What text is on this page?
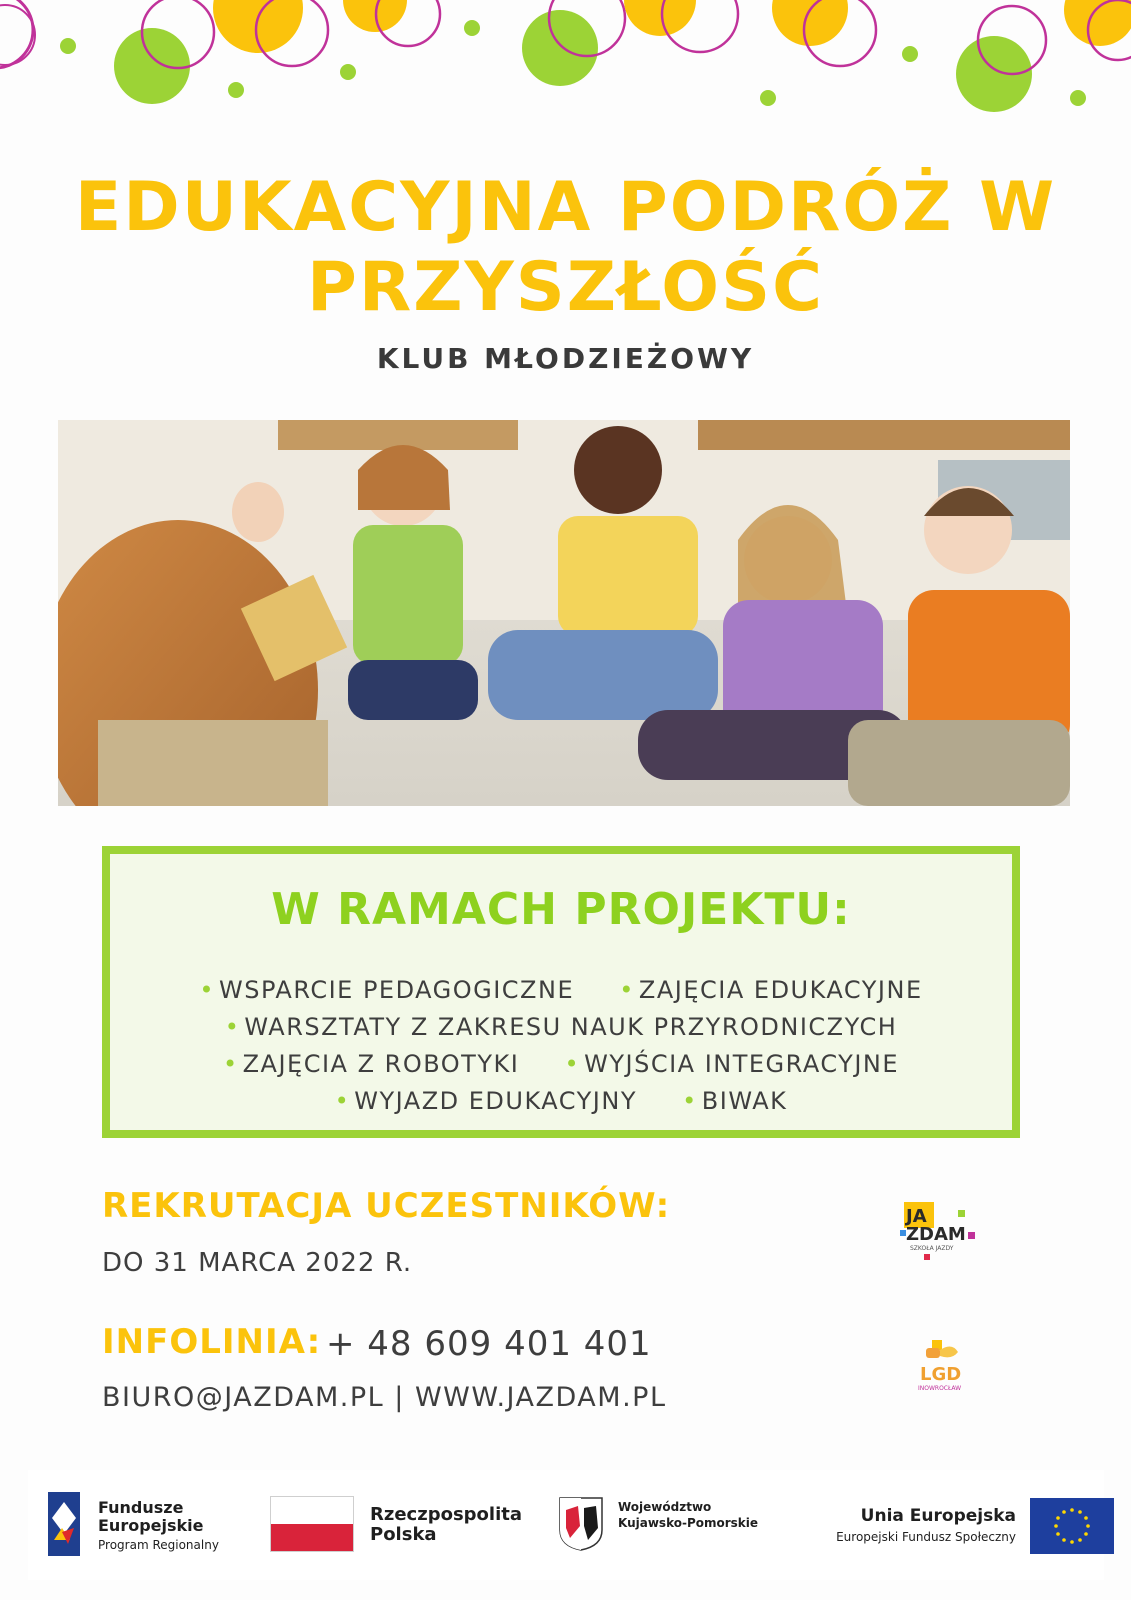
EDUKACYJNA PODRÓŻ W
PRZYSZŁOŚĆ
KLUB MŁODZIEŻOWY
W RAMACH PROJEKTU:
• WSPARCIE PEDAGOGICZNE	• ZAJĘCIA EDUKACYJNE
• WARSZTATY Z ZAKRESU NAUK PRZYRODNICZYCH
• ZAJĘCIA Z ROBOTYKI	• WYJŚCIA INTEGRACYJNE
• WYJAZD EDUKACYJNY	• BIWAK
REKRUTACJA UCZESTNIKÓW:
DO 31 MARCA 2022 R.
INFOLINIA: + 48 609 401 401
BIURO@JAZDAM.PL | WWW.JAZDAM.PL
JA
ZDAM
SZKOŁA JAZDY
LGD
INOWROCŁAW
Fundusze
Europejskie
Program Regionalny
Rzeczpospolita
Polska
Województwo
Kujawsko-Pomorskie	Unia Europejska
Europejski Fundusz Społeczny
